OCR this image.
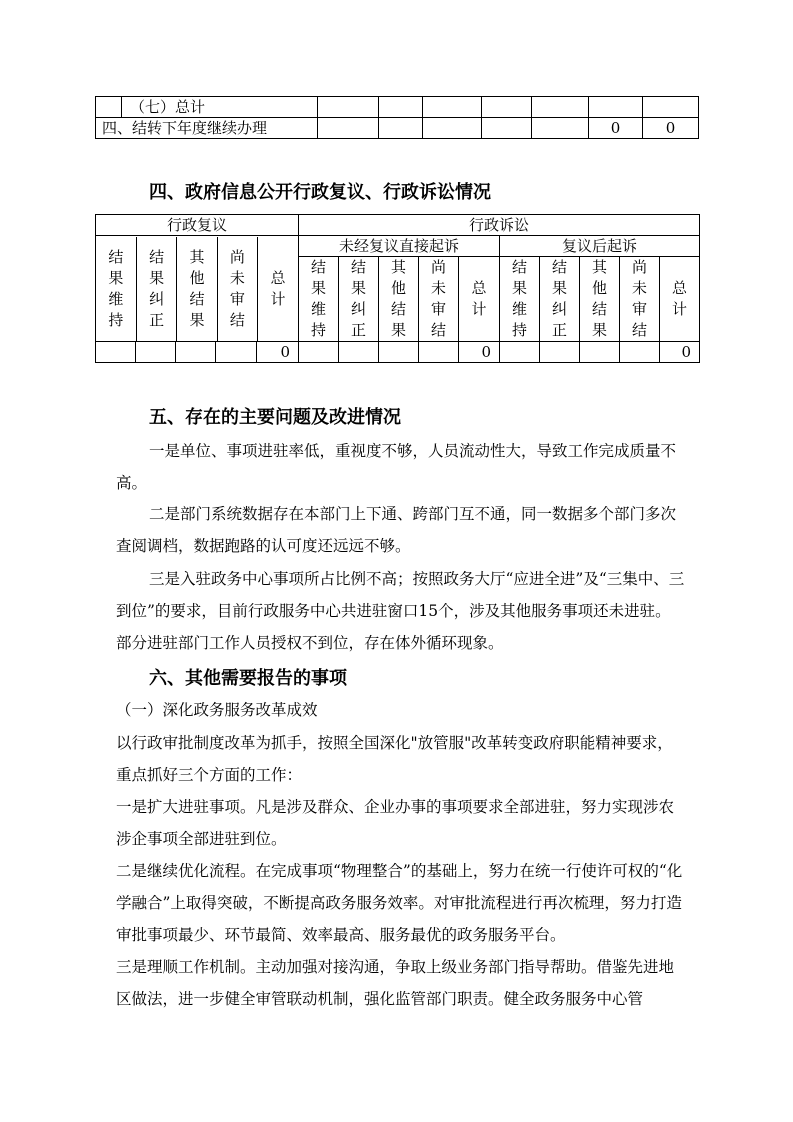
	（七）总计							
四、结转下年度继续办理							0	0
四、政府信息公开行政复议、行政诉讼情况
行政复议	行政诉讼

结果维持	结果纠正	其他结果	尚未审结	总计
	未经复议直接起诉	复议后起诉
结果维持	结果纠正	其他结果	尚未审结	总计	结果维持	结果纠正	其他结果	尚未审结	总计
				0					0					0
五、存在的主要问题及改进情况
一是单位、事项进驻率低，重视度不够，人员流动性大，导致工作完成质量不高。
二是部门系统数据存在本部门上下通、跨部门互不通，同一数据多个部门多次查阅调档，数据跑路的认可度还远远不够。
三是入驻政务中心事项所占比例不高；按照政务大厅“应进全进”及“三集中、三到位”的要求，目前行政服务中心共进驻窗口15个，涉及其他服务事项还未进驻。部分进驻部门工作人员授权不到位，存在体外循环现象。
六、其他需要报告的事项
（一）深化政务服务改革成效
以行政审批制度改革为抓手，按照全国深化"放管服"改革转变政府职能精神要求，重点抓好三个方面的工作：
一是扩大进驻事项。凡是涉及群众、企业办事的事项要求全部进驻，努力实现涉农涉企事项全部进驻到位。
二是继续优化流程。在完成事项“物理整合”的基础上，努力在统一行使许可权的“化学融合”上取得突破，不断提高政务服务效率。对审批流程进行再次梳理，努力打造审批事项最少、环节最简、效率最高、服务最优的政务服务平台。
三是理顺工作机制。主动加强对接沟通，争取上级业务部门指导帮助。借鉴先进地区做法，进一步健全审管联动机制，强化监管部门职责。健全政务服务中心管
